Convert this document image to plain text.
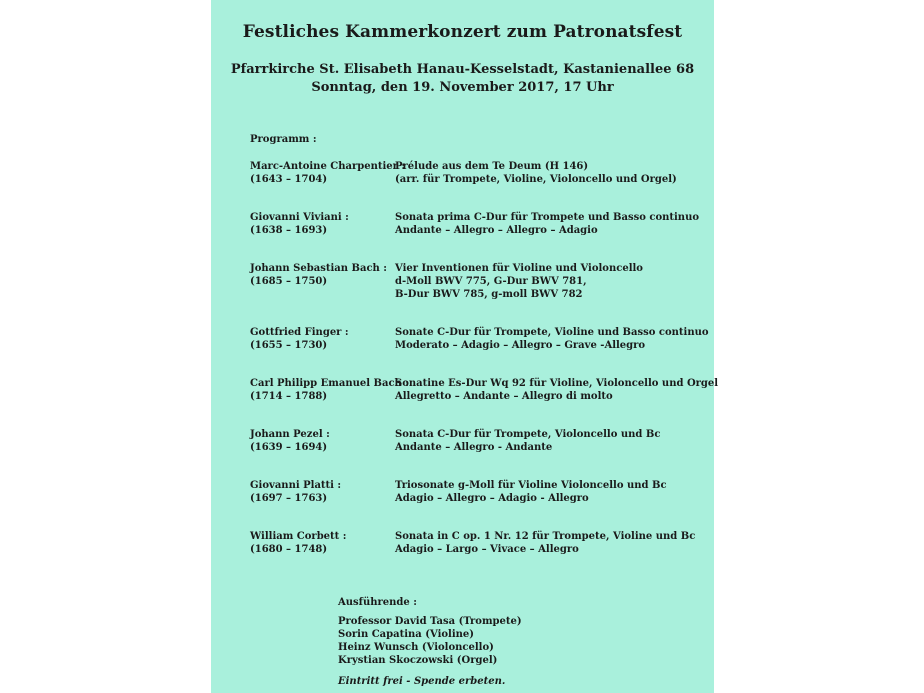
Festliches Kammerkonzert zum Patronatsfest
Pfarrkirche St. Elisabeth Hanau-Kesselstadt, Kastanienallee 68
Sonntag, den 19. November 2017, 17 Uhr
Programm :
Marc-Antoine Charpentier :
(1643 – 1704)
Prélude aus dem Te Deum (H 146)
(arr. für Trompete, Violine, Violoncello und Orgel)
Giovanni Viviani :
(1638 – 1693)
Sonata prima C-Dur für Trompete und Basso continuo
Andante – Allegro – Allegro – Adagio
Johann Sebastian Bach :
(1685 – 1750)
Vier Inventionen für Violine und Violoncello
d-Moll BWV 775, G-Dur BWV 781,
B-Dur BWV 785, g-moll BWV 782
Gottfried Finger :
(1655 – 1730)
Sonate C-Dur für Trompete, Violine und Basso continuo
Moderato – Adagio – Allegro – Grave -Allegro
Carl Philipp Emanuel Bach :
(1714 – 1788)
Sonatine Es-Dur Wq 92 für Violine, Violoncello und Orgel
Allegretto – Andante – Allegro di molto
Johann Pezel :
(1639 – 1694)
Sonata C-Dur für Trompete, Violoncello und Bc
Andante – Allegro - Andante
Giovanni Platti :
(1697 – 1763)
Triosonate g-Moll für Violine Violoncello und Bc
Adagio – Allegro – Adagio - Allegro
William Corbett :
(1680 – 1748)
Sonata in C op. 1 Nr. 12 für Trompete, Violine und Bc
Adagio – Largo – Vivace – Allegro
Ausführende :
Professor David Tasa (Trompete)
Sorin Capatina (Violine)
Heinz Wunsch (Violoncello)
Krystian Skoczowski (Orgel)
Eintritt frei - Spende erbeten.
